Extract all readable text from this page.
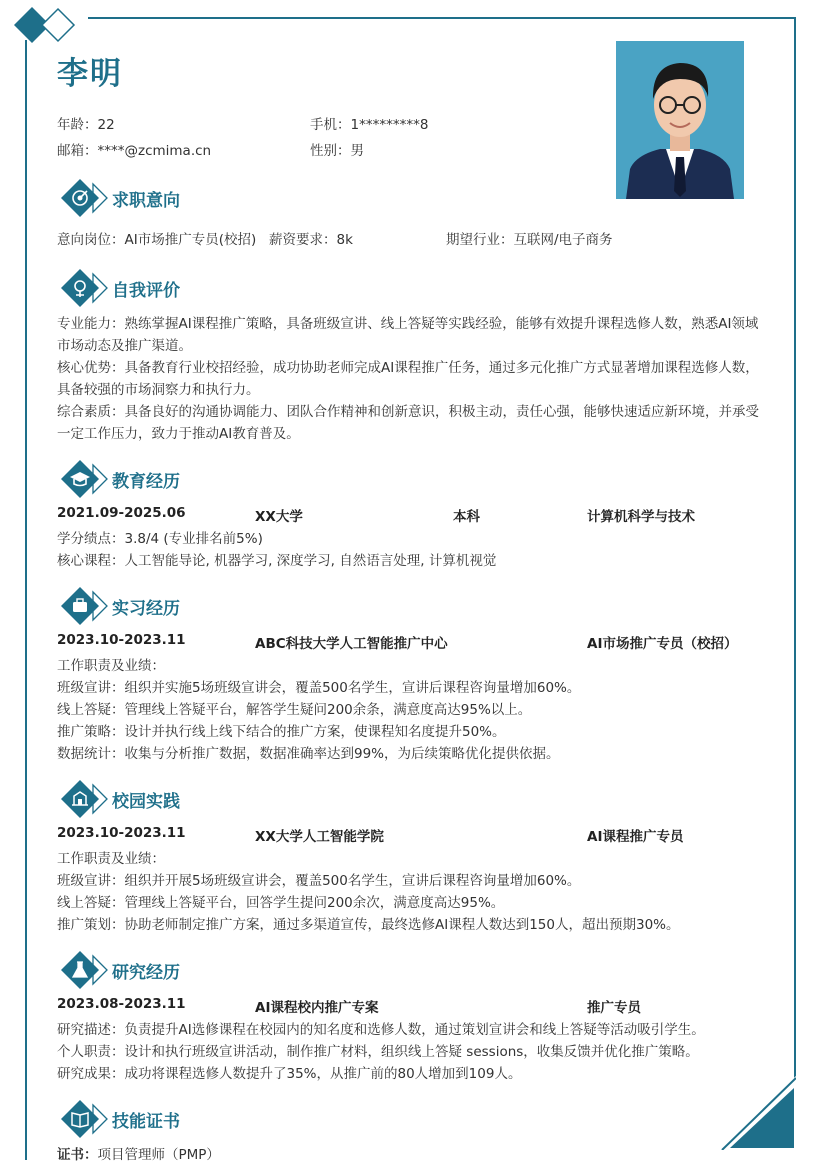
李明
年龄：22	手机：1*********8
邮箱：****@zcmima.cn	性别：男
求职意向
意向岗位：AI市场推广专员(校招) 薪资要求：8k	期望行业：互联网/电子商务
自我评价
专业能力：熟练掌握AI课程推广策略，具备班级宣讲、线上答疑等实践经验，能够有效提升课程选修人数，熟悉AI领域市场动态及推广渠道。
核心优势：具备教育行业校招经验，成功协助老师完成AI课程推广任务，通过多元化推广方式显著增加课程选修人数，具备较强的市场洞察力和执行力。
综合素质：具备良好的沟通协调能力、团队合作精神和创新意识，积极主动，责任心强，能够快速适应新环境，并承受一定工作压力，致力于推动AI教育普及。
教育经历
2021.09-2025.06	XX大学	本科	计算机科学与技术
学分绩点：3.8/4 (专业排名前5%)
核心课程：人工智能导论, 机器学习, 深度学习, 自然语言处理, 计算机视觉
实习经历
2023.10-2023.11	ABC科技大学人工智能推广中心	AI市场推广专员（校招）
工作职责及业绩：
班级宣讲：组织并实施5场班级宣讲会，覆盖500名学生，宣讲后课程咨询量增加60%。
线上答疑：管理线上答疑平台，解答学生疑问200余条，满意度高达95%以上。
推广策略：设计并执行线上线下结合的推广方案，使课程知名度提升50%。
数据统计：收集与分析推广数据，数据准确率达到99%，为后续策略优化提供依据。
校园实践
2023.10-2023.11	XX大学人工智能学院	AI课程推广专员
工作职责及业绩：
班级宣讲：组织并开展5场班级宣讲会，覆盖500名学生，宣讲后课程咨询量增加60%。
线上答疑：管理线上答疑平台，回答学生提问200余次，满意度高达95%。
推广策划：协助老师制定推广方案，通过多渠道宣传，最终选修AI课程人数达到150人，超出预期30%。
研究经历
2023.08-2023.11	AI课程校内推广专案	推广专员
研究描述：负责提升AI选修课程在校园内的知名度和选修人数，通过策划宣讲会和线上答疑等活动吸引学生。
个人职责：设计和执行班级宣讲活动，制作推广材料，组织线上答疑 sessions，收集反馈并优化推广策略。
研究成果：成功将课程选修人数提升了35%，从推广前的80人增加到109人。
技能证书
证书：项目管理师（PMP）
